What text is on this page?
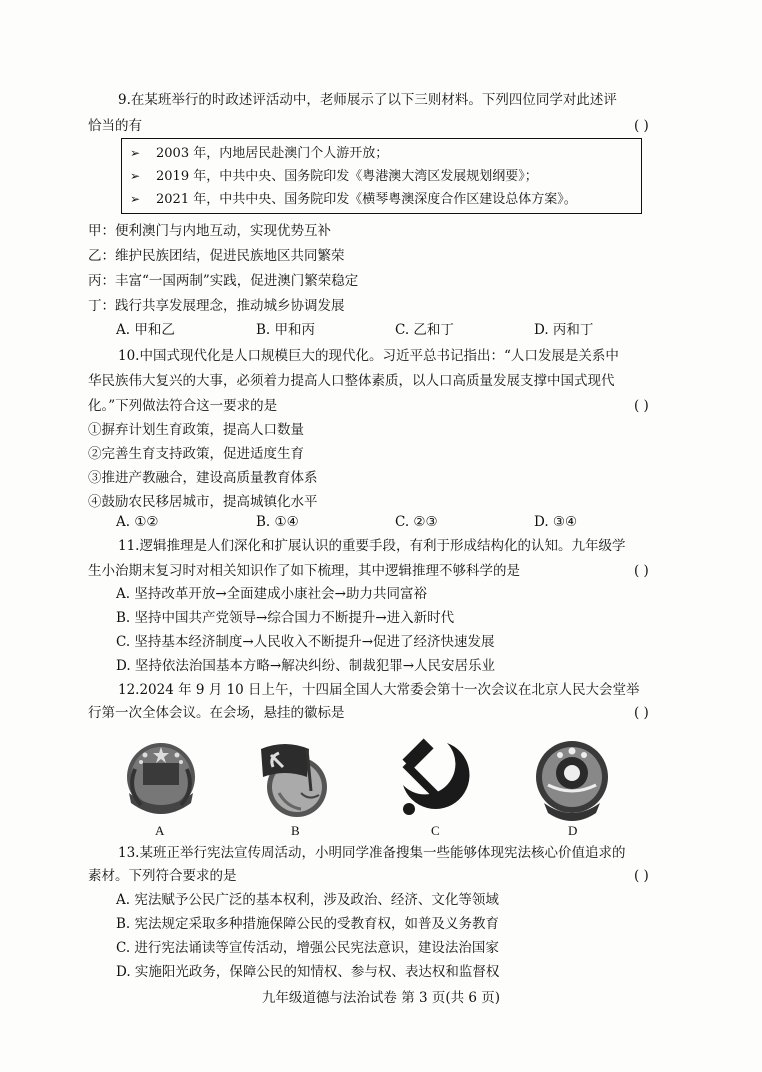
9.在某班举行的时政述评活动中，老师展示了以下三则材料。下列四位同学对此述评
恰当的有	( )
➢ 2003 年，内地居民赴澳门个人游开放；
➢ 2019 年，中共中央、国务院印发《粤港澳大湾区发展规划纲要》；
➢ 2021 年，中共中央、国务院印发《横琴粤澳深度合作区建设总体方案》。
甲：便利澳门与内地互动，实现优势互补
乙：维护民族团结，促进民族地区共同繁荣
丙：丰富“一国两制”实践，促进澳门繁荣稳定
丁：践行共享发展理念，推动城乡协调发展
A. 甲和乙	B. 甲和丙	C. 乙和丁	D. 丙和丁
10.中国式现代化是人口规模巨大的现代化。习近平总书记指出：“人口发展是关系中
华民族伟大复兴的大事，必须着力提高人口整体素质，以人口高质量发展支撑中国式现代
化。”下列做法符合这一要求的是	( )
①摒弃计划生育政策，提高人口数量
②完善生育支持政策，促进适度生育
③推进产教融合，建设高质量教育体系
④鼓励农民移居城市，提高城镇化水平
A. ①②	B. ①④	C. ②③	D. ③④
11.逻辑推理是人们深化和扩展认识的重要手段，有利于形成结构化的认知。九年级学
生小治期末复习时对相关知识作了如下梳理，其中逻辑推理不够科学的是	( )
A. 坚持改革开放→全面建成小康社会→助力共同富裕
B. 坚持中国共产党领导→综合国力不断提升→进入新时代
C. 坚持基本经济制度→人民收入不断提升→促进了经济快速发展
D. 坚持依法治国基本方略→解决纠纷、制裁犯罪→人民安居乐业
12.2024 年 9 月 10 日上午，十四届全国人大常委会第十一次会议在北京人民大会堂举
行第一次全体会议。在会场，悬挂的徽标是	( )
A	B	C	D
13.某班正举行宪法宣传周活动，小明同学准备搜集一些能够体现宪法核心价值追求的
素材。下列符合要求的是	( )
A. 宪法赋予公民广泛的基本权利，涉及政治、经济、文化等领域
B. 宪法规定采取多种措施保障公民的受教育权，如普及义务教育
C. 进行宪法诵读等宣传活动，增强公民宪法意识，建设法治国家
D. 实施阳光政务，保障公民的知情权、参与权、表达权和监督权
九年级道德与法治试卷 第 3 页(共 6 页)
